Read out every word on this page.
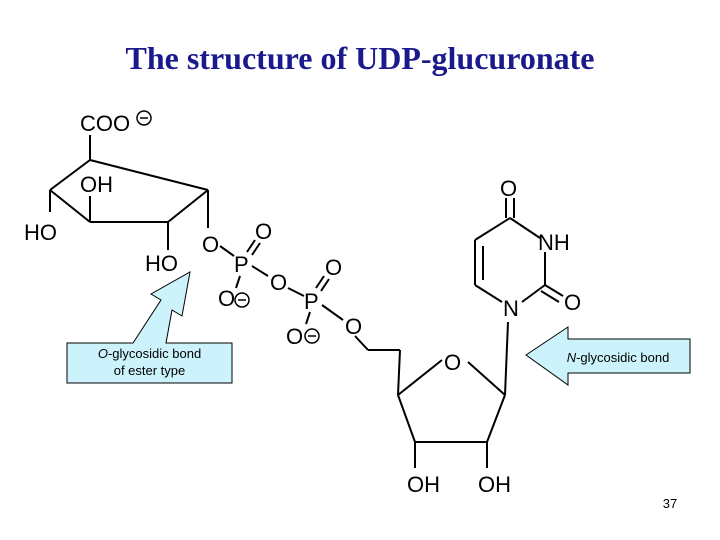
The structure of UDP-glucuronate
COO
OH
HO
HO
O
P
O
O
O
P
O
O O
O
OH OH
O
NH
N O
O-glycosidic bond
of ester type
N-glycosidic bond
37
